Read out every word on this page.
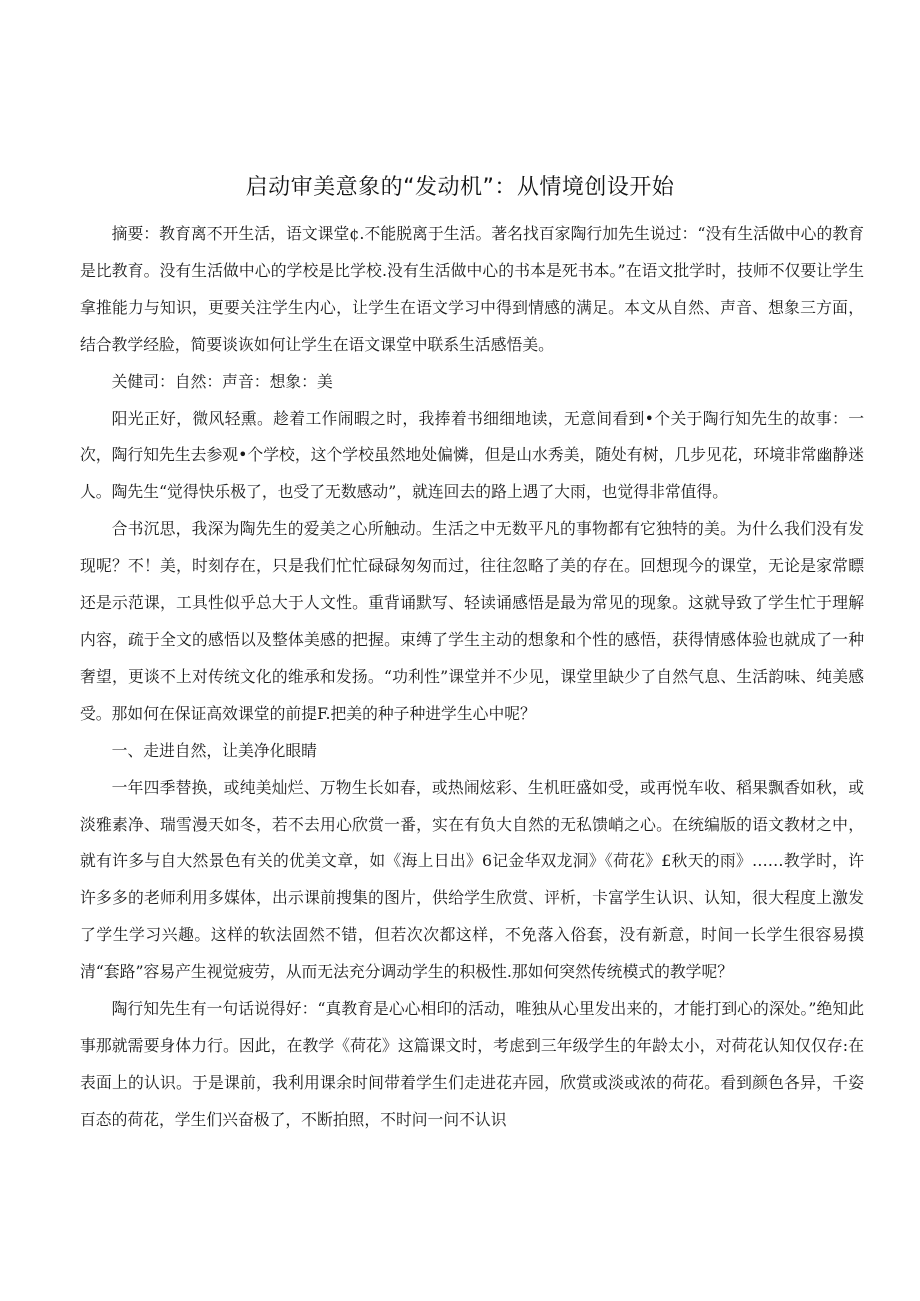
启动审美意象的“发动机”：从情境创设开始

摘要：教育离不开生活，语文课堂¢.不能脱离于生活。著名找百家陶行加先生说过：“没有生活做中心的教育是比教育。没有生活做中心的学校是比学校.没有生活做中心的书本是死书本。”在语文批学时，技师不仅要让学生拿推能力与知识，更要关注学生内心，让学生在语文学习中得到情感的满足。本文从自然、声音、想象三方面，结合教学经脸，简要谈诙如何让学生在语文课堂中联系生活感悟美。

关健司：自然：声音：想象：美

阳光正好，微风轻熏。趁着工作闹暇之时，我捧着书细细地读，无意间看到•个关于陶行知先生的故事：一次，陶行知先生去参观•个学校，这个学校虽然地处偏憐，但是山水秀美，随处有树，几步见花，环境非常幽静迷人。陶先生“觉得快乐极了，也受了无数感动”，就连回去的路上遇了大雨，也觉得非常值得。

合书沉思，我深为陶先生的爱美之心所触动。生活之中无数平凡的事物都有它独特的美。为什么我们没有发现呢？不！美，时刻存在，只是我们忙忙碌碌匆匆而过，往往忽略了美的存在。回想现今的课堂，无论是家常瞟还是示范课，工具性似乎总大于人文性。重背诵默写、轻读诵感悟是最为常见的现象。这就导致了学生忙于理解内容，疏于全文的感悟以及整体美感的把握。束缚了学生主动的想象和个性的感悟，获得情感体验也就成了一种奢望，更谈不上对传统文化的维承和发扬。“功利性”课堂并不少见，课堂里缺少了自然气息、生活韵味、纯美感受。那如何在保证高效课堂的前提F.把美的种子种进学生心中呢？

一、走进自然，让美净化眼睛

一年四季替换，或纯美灿烂、万物生长如春，或热闹炫彩、生机旺盛如受，或再悦车收、稻果飘香如秋，或淡雅素净、瑞雪漫天如冬，若不去用心欣赏一番，实在有负大自然的无私馈峭之心。在统编版的语文教材之中，就有许多与自大然景色有关的优美文章，如《海上日出》6记金华双龙洞》《荷花》£秋天的雨》……教学时，许许多多的老师利用多媒体，出示课前搜集的图片，供给学生欣赏、评析，卡富学生认识、认知，很大程度上激发了学生学习兴趣。这样的软法固然不错，但若次次都这样，不免落入俗套，没有新意，时间一长学生很容易摸清“套路”容易产生视觉疲劳，从而无法充分调动学生的积极性.那如何突然传统模式的教学呢？

陶行知先生有一句话说得好：“真教育是心心相印的活动，唯独从心里发出来的，才能打到心的深处。”绝知此事那就需要身体力行。因此，在教学《荷花》这篇课文时，考虑到三年级学生的年龄太小，对荷花认知仅仅存:在表面上的认识。于是课前，我利用课余时间带着学生们走进花卉园，欣赏或淡或浓的荷花。看到颜色各异，千姿百态的荷花，学生们兴奋极了，不断拍照，不时问一问不认识
